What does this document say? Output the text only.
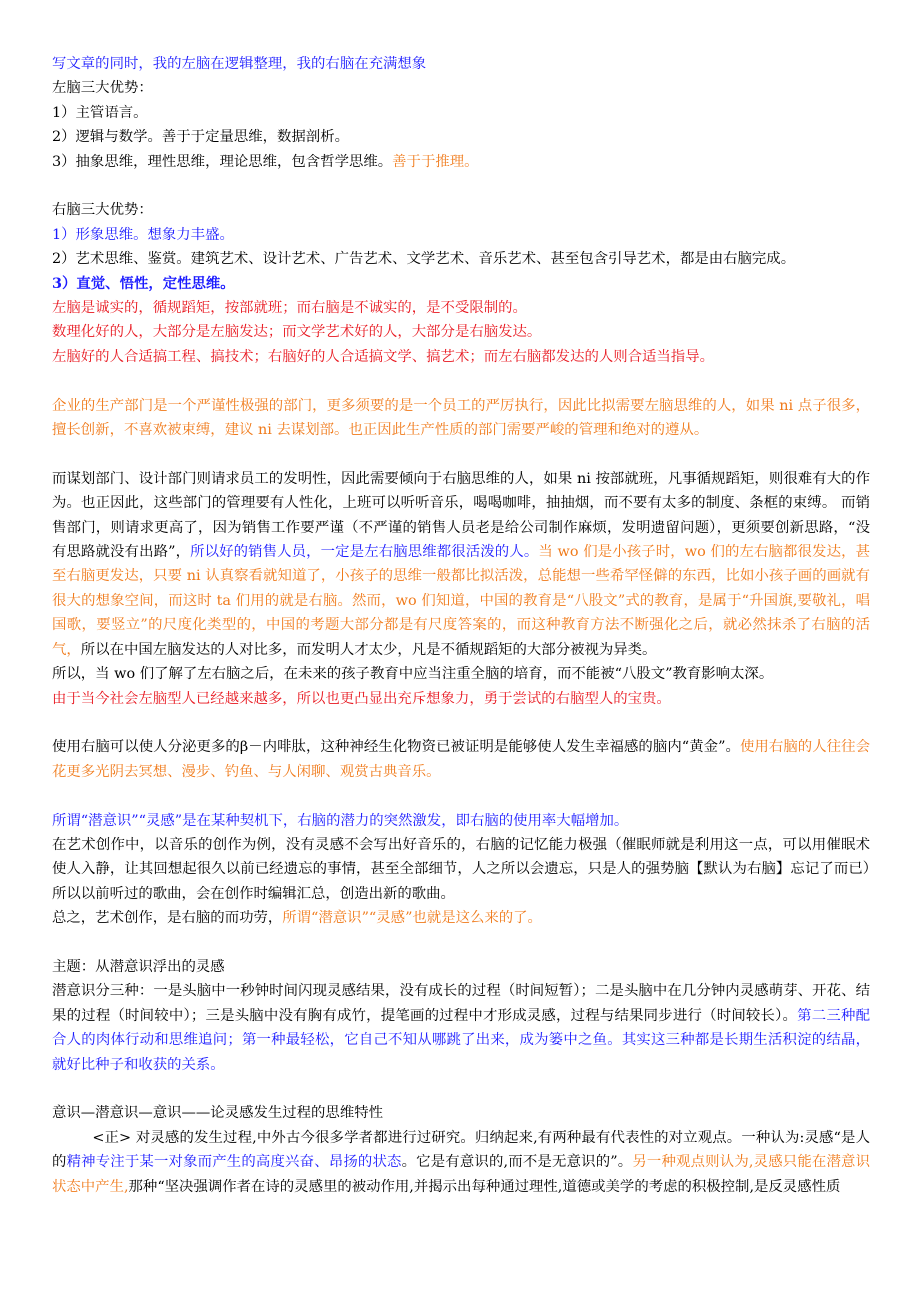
写文章的同时，我的左脑在逻辑整理，我的右脑在充满想象

左脑三大优势：

1）主管语言。

2）逻辑与数学。善于于定量思维，数据剖析。

3）抽象思维，理性思维，理论思维，包含哲学思维。善于于推理。

右脑三大优势：

1）形象思维。想象力丰盛。

2）艺术思维、鉴赏。建筑艺术、设计艺术、广告艺术、文学艺术、音乐艺术、甚至包含引导艺术，都是由右脑完成。

3）直觉、悟性，定性思维。

左脑是诚实的，循规蹈矩，按部就班；而右脑是不诚实的，是不受限制的。

数理化好的人，大部分是左脑发达；而文学艺术好的人，大部分是右脑发达。

左脑好的人合适搞工程、搞技术；右脑好的人合适搞文学、搞艺术；而左右脑都发达的人则合适当指导。

企业的生产部门是一个严谨性极强的部门，更多须要的是一个员工的严厉执行，因此比拟需要左脑思维的人，如果 ni 点子很多，擅长创新，不喜欢被束缚，建议 ni 去谋划部。也正因此生产性质的部门需要严峻的管理和绝对的遵从。

而谋划部门、设计部门则请求员工的发明性，因此需要倾向于右脑思维的人，如果 ni 按部就班，凡事循规蹈矩，则很难有大的作为。也正因此，这些部门的管理要有人性化，上班可以听听音乐，喝喝咖啡，抽抽烟，而不要有太多的制度、条框的束缚。 而销售部门，则请求更高了，因为销售工作要严谨（不严谨的销售人员老是给公司制作麻烦，发明遗留问题），更须要创新思路，“没有思路就没有出路”，所以好的销售人员，一定是左右脑思维都很活泼的人。当 wo 们是小孩子时，wo 们的左右脑都很发达，甚至右脑更发达，只要 ni 认真察看就知道了，小孩子的思维一般都比拟活泼，总能想一些希罕怪僻的东西，比如小孩子画的画就有很大的想象空间，而这时 ta 们用的就是右脑。然而，wo 们知道，中国的教育是“八股文”式的教育，是属于“升国旗,要敬礼，唱国歌，要竖立”的尺度化类型的，中国的考题大部分都是有尺度答案的，而这种教育方法不断强化之后，就必然抹杀了右脑的活气，所以在中国左脑发达的人对比多，而发明人才太少，凡是不循规蹈矩的大部分被视为异类。

所以，当 wo 们了解了左右脑之后，在未来的孩子教育中应当注重全脑的培育，而不能被“八股文”教育影响太深。

由于当今社会左脑型人已经越来越多，所以也更凸显出充斥想象力，勇于尝试的右脑型人的宝贵。

使用右脑可以使人分泌更多的β－内啡肽，这种神经生化物资已被证明是能够使人发生幸福感的脑内“黄金”。使用右脑的人往往会花更多光阴去冥想、漫步、钓鱼、与人闲聊、观赏古典音乐。

所谓“潜意识”“灵感”是在某种契机下，右脑的潜力的突然激发，即右脑的使用率大幅增加。

在艺术创作中，以音乐的创作为例，没有灵感不会写出好音乐的，右脑的记忆能力极强（催眠师就是利用这一点，可以用催眠术使人入静，让其回想起很久以前已经遗忘的事情，甚至全部细节，人之所以会遗忘，只是人的强势脑【默认为右脑】忘记了而已）所以以前听过的歌曲，会在创作时编辑汇总，创造出新的歌曲。

总之，艺术创作，是右脑的而功劳，所谓“潜意识”“灵感”也就是这么来的了。

主题：从潜意识浮出的灵感

潜意识分三种：一是头脑中一秒钟时间闪现灵感结果，没有成长的过程（时间短暂）；二是头脑中在几分钟内灵感萌芽、开花、结果的过程（时间较中）；三是头脑中没有胸有成竹，提笔画的过程中才形成灵感，过程与结果同步进行（时间较长）。第二三种配合人的肉体行动和思维追问；第一种最轻松，它自己不知从哪跳了出来，成为篓中之鱼。其实这三种都是长期生活积淀的结晶，就好比种子和收获的关系。

意识—潜意识—意识——论灵感发生过程的思维特性

<正> 对灵感的发生过程,中外古今很多学者都进行过研究。归纳起来,有两种最有代表性的对立观点。一种认为:灵感“是人的精神专注于某一对象而产生的高度兴奋、昂扬的状态。它是有意识的,而不是无意识的”。另一种观点则认为,灵感只能在潜意识状态中产生,那种“坚决强调作者在诗的灵感里的被动作用,并揭示出每种通过理性,道德或美学的考虑的积极控制,是反灵感性质
